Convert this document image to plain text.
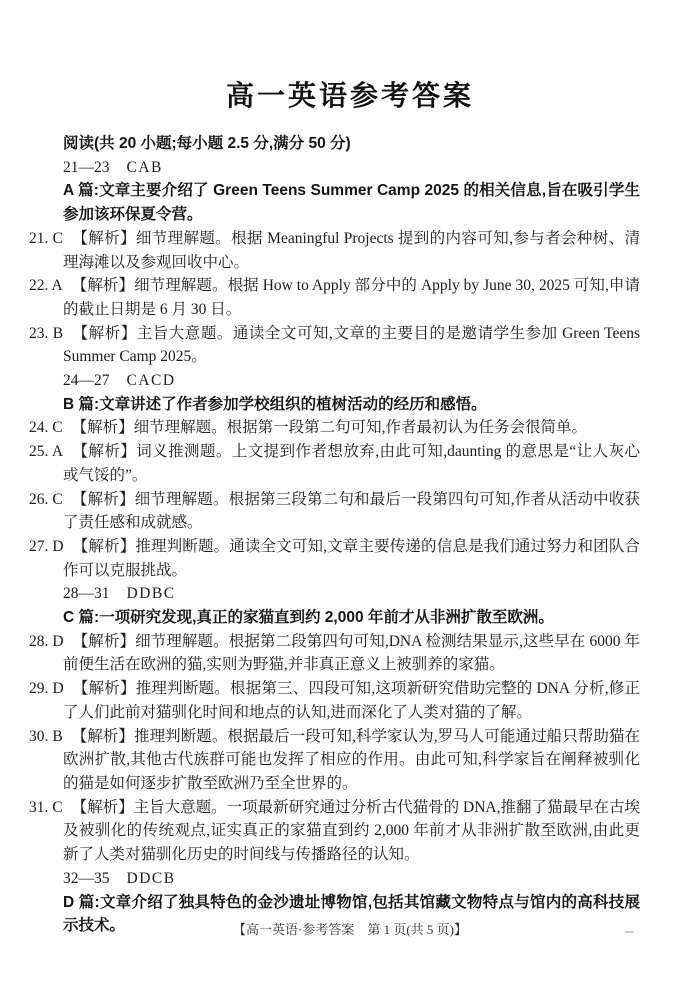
高一英语参考答案

阅读(共 20 小题;每小题 2.5 分,满分 50 分)

21—23 CAB

A 篇:文章主要介绍了 Green Teens Summer Camp 2025 的相关信息,旨在吸引学生参加该环保夏令营。

21. C 【解析】细节理解题。根据 Meaningful Projects 提到的内容可知,参与者会种树、清理海滩以及参观回收中心。

22. A 【解析】细节理解题。根据 How to Apply 部分中的 Apply by June 30, 2025 可知,申请的截止日期是 6 月 30 日。

23. B 【解析】主旨大意题。通读全文可知,文章的主要目的是邀请学生参加 Green Teens Summer Camp 2025。

24—27 CACD

B 篇:文章讲述了作者参加学校组织的植树活动的经历和感悟。

24. C 【解析】细节理解题。根据第一段第二句可知,作者最初认为任务会很简单。

25. A 【解析】词义推测题。上文提到作者想放弃,由此可知,daunting 的意思是“让人灰心或气馁的”。

26. C 【解析】细节理解题。根据第三段第二句和最后一段第四句可知,作者从活动中收获了责任感和成就感。

27. D 【解析】推理判断题。通读全文可知,文章主要传递的信息是我们通过努力和团队合作可以克服挑战。

28—31 DDBC

C 篇:一项研究发现,真正的家猫直到约 2,000 年前才从非洲扩散至欧洲。

28. D 【解析】细节理解题。根据第二段第四句可知,DNA 检测结果显示,这些早在 6000 年前便生活在欧洲的猫,实则为野猫,并非真正意义上被驯养的家猫。

29. D 【解析】推理判断题。根据第三、四段可知,这项新研究借助完整的 DNA 分析,修正了人们此前对猫驯化时间和地点的认知,进而深化了人类对猫的了解。

30. B 【解析】推理判断题。根据最后一段可知,科学家认为,罗马人可能通过船只帮助猫在欧洲扩散,其他古代族群可能也发挥了相应的作用。由此可知,科学家旨在阐释被驯化的猫是如何逐步扩散至欧洲乃至全世界的。

31. C 【解析】主旨大意题。一项最新研究通过分析古代猫骨的 DNA,推翻了猫最早在古埃及被驯化的传统观点,证实真正的家猫直到约 2,000 年前才从非洲扩散至欧洲,由此更新了人类对猫驯化历史的时间线与传播路径的认知。

32—35 DDCB

D 篇:文章介绍了独具特色的金沙遗址博物馆,包括其馆藏文物特点与馆内的高科技展示技术。	【高一英语·参考答案　第 1 页(共 5 页)】
